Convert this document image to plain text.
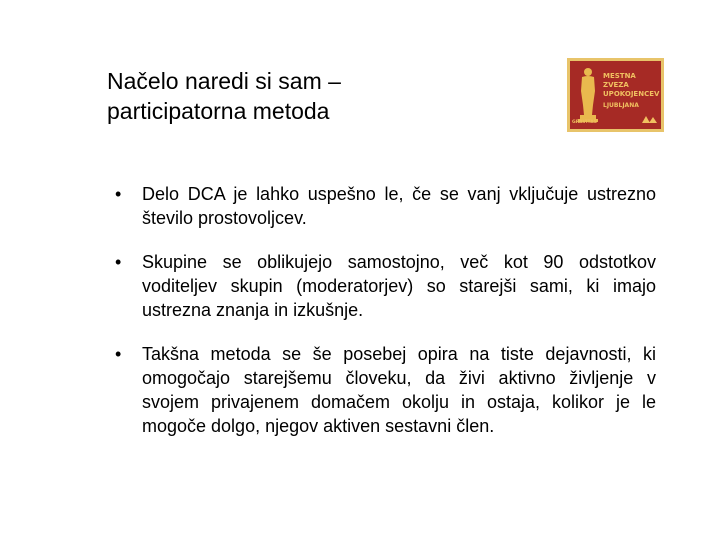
Načelo naredi si sam –
participatorna metoda
MESTNA
ZVEZA
UPOKOJENCEV
LJUBLJANA
GRAVITAS
• Delo DCA je lahko uspešno le, če se vanj vključuje ustrezno število prostovoljcev.
• Skupine se oblikujejo samostojno, več kot 90 odstotkov voditeljev skupin (moderatorjev) so starejši sami, ki imajo ustrezna znanja in izkušnje.
• Takšna metoda se še posebej opira na tiste dejavnosti, ki omogočajo starejšemu človeku, da živi aktivno življenje v svojem privajenem domačem okolju in ostaja, kolikor je le mogoče dolgo, njegov aktiven sestavni člen.
